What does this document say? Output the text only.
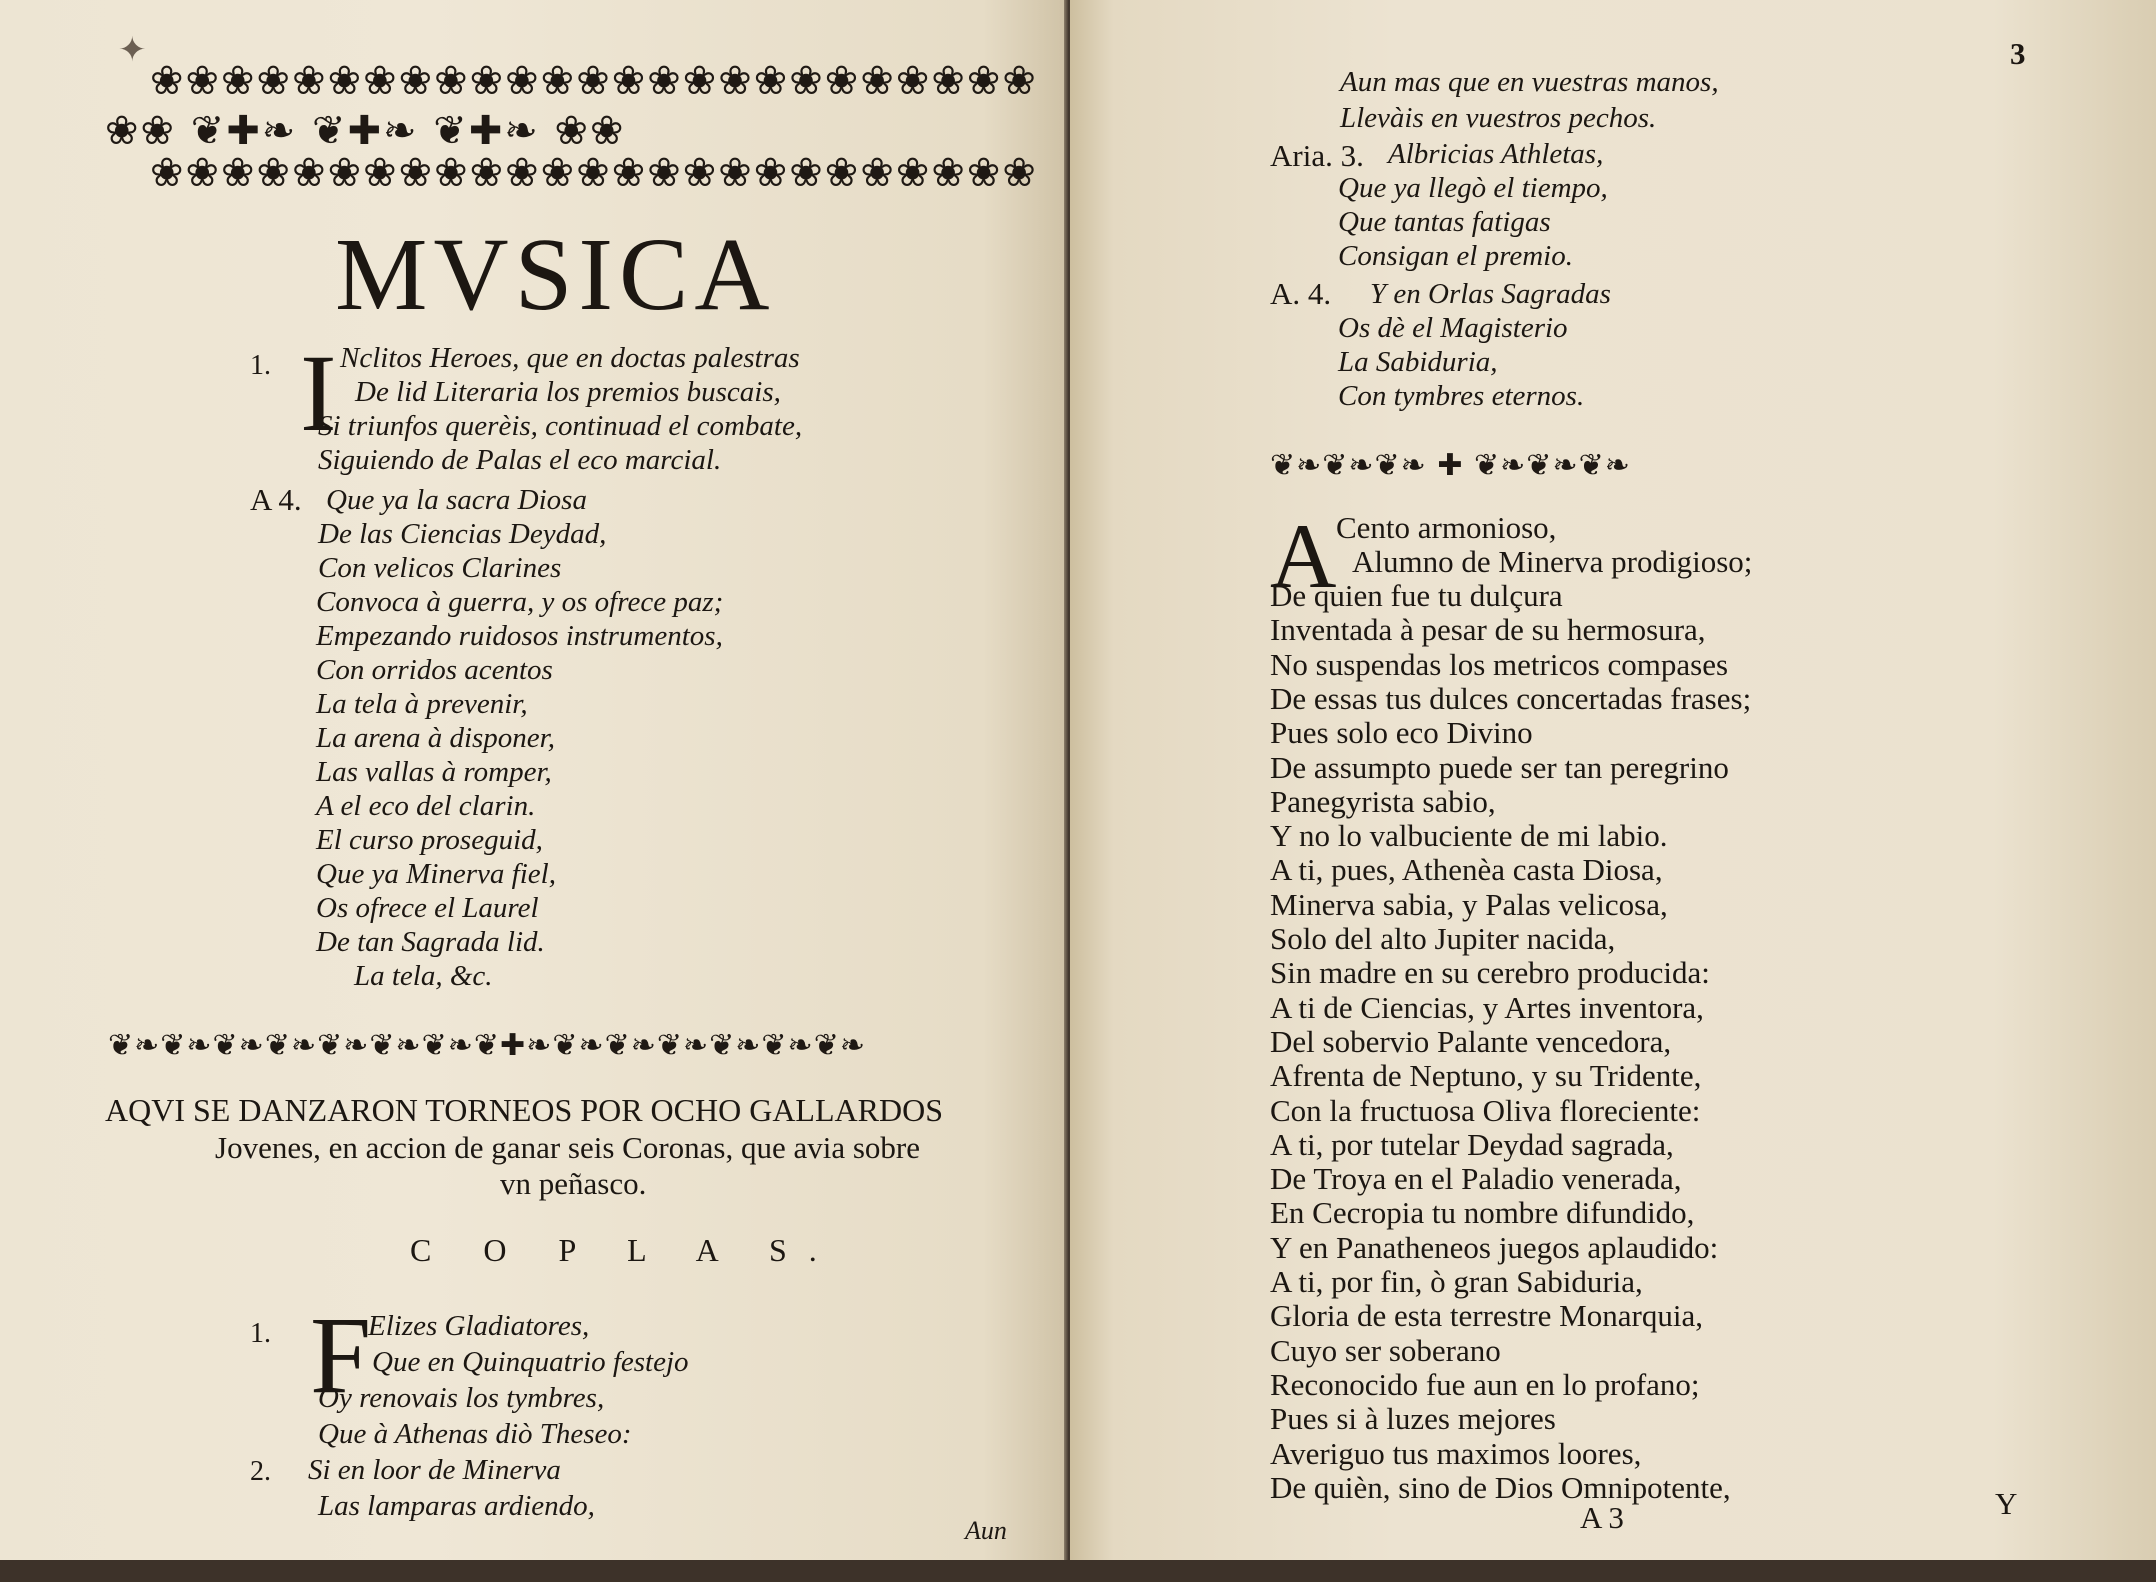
❀❀❀❀❀❀❀❀❀❀❀❀❀❀❀❀❀❀❀❀❀❀❀❀❀
❀❀ ❦✚❧ ❦✚❧ ❦✚❧ ❀❀
❀❀❀❀❀❀❀❀❀❀❀❀❀❀❀❀❀❀❀❀❀❀❀❀❀
✦
MVSICA
1. I Nclitos Heroes, que en doctas palestras
De lid Literaria los premios buscais,
Si triunfos querèis, continuad el combate,
Siguiendo de Palas el eco marcial.
A 4. Que ya la sacra Diosa
De las Ciencias Deydad,
Con velicos Clarines
Convoca à guerra, y os ofrece paz;
Empezando ruidosos instrumentos,
Con orridos acentos
La tela à prevenir,
La arena à disponer,
Las vallas à romper,
A el eco del clarin.
El curso proseguid,
Que ya Minerva fiel,
Os ofrece el Laurel
De tan Sagrada lid.
La tela, &c.
❦❧❦❧❦❧❦❧❦❧❦❧❦❧❦✚❧❦❧❦❧❦❧❦❧❦❧❦❧
AQVI SE DANZARON TORNEOS POR OCHO GALLARDOS
Jovenes, en accion de ganar seis Coronas, que avia sobre
vn peñasco.
C O P L A S.
1. F
Elizes Gladiatores,
Que en Quinquatrio festejo
Oy renovais los tymbres,
Que à Athenas diò Theseo:
2. Si en loor de Minerva
Las lamparas ardiendo,
Aun
3
Aun mas que en vuestras manos,
Llevàis en vuestros pechos.
Aria. 3. Albricias Athletas,
Que ya llegò el tiempo,
Que tantas fatigas
Consigan el premio.
A. 4. Y en Orlas Sagradas
Os dè el Magisterio
La Sabiduria,
Con tymbres eternos.
❦❧❦❧❦❧ ✚ ❦❧❦❧❦❧
A Cento armonioso,
Alumno de Minerva prodigioso;
De quien fue tu dulçura
Inventada à pesar de su hermosura,
No suspendas los metricos compases
De essas tus dulces concertadas frases;
Pues solo eco Divino
De assumpto puede ser tan peregrino
Panegyrista sabio,
Y no lo valbuciente de mi labio.
A ti, pues, Athenèa casta Diosa,
Minerva sabia, y Palas velicosa,
Solo del alto Jupiter nacida,
Sin madre en su cerebro producida:
A ti de Ciencias, y Artes inventora,
Del sobervio Palante vencedora,
Afrenta de Neptuno, y su Tridente,
Con la fructuosa Oliva floreciente:
A ti, por tutelar Deydad sagrada,
De Troya en el Paladio venerada,
En Cecropia tu nombre difundido,
Y en Panatheneos juegos aplaudido:
A ti, por fin, ò gran Sabiduria,
Gloria de esta terrestre Monarquia,
Cuyo ser soberano
Reconocido fue aun en lo profano;
Pues si à luzes mejores
Averiguo tus maximos loores,
De quièn, sino de Dios Omnipotente,
A 3	Y
